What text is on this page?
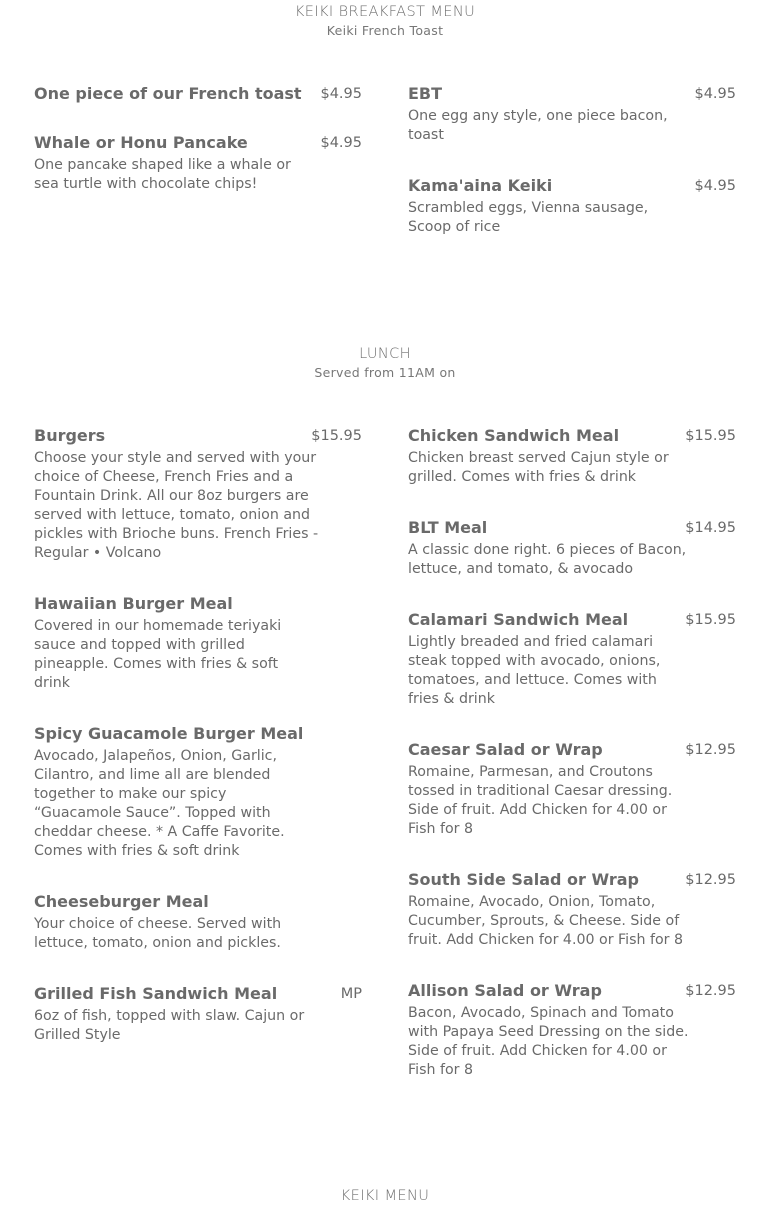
KEIKI BREAKFAST MENU
Keiki French Toast
One piece of our French toast	$4.95
Whale or Honu Pancake	$4.95
One pancake shaped like a whale or sea turtle with chocolate chips!
EBT	$4.95
One egg any style, one piece bacon, toast
Kama'aina Keiki	$4.95
Scrambled eggs, Vienna sausage, Scoop of rice
LUNCH
Served from 11AM on
Burgers	$15.95
Choose your style and served with your choice of Cheese, French Fries and a Fountain Drink. All our 8oz burgers are served with lettuce, tomato, onion and pickles with Brioche buns. French Fries - Regular • Volcano
Hawaiian Burger Meal
Covered in our homemade teriyaki sauce and topped with grilled pineapple. Comes with fries & soft drink
Spicy Guacamole Burger Meal
Avocado, Jalapeños, Onion, Garlic, Cilantro, and lime all are blended together to make our spicy “Guacamole Sauce”. Topped with cheddar cheese. * A Caffe Favorite. Comes with fries & soft drink
Cheeseburger Meal
Your choice of cheese. Served with lettuce, tomato, onion and pickles.
Grilled Fish Sandwich Meal	MP
6oz of fish, topped with slaw. Cajun or Grilled Style
Chicken Sandwich Meal	$15.95
Chicken breast served Cajun style or grilled. Comes with fries & drink
BLT Meal	$14.95
A classic done right. 6 pieces of Bacon, lettuce, and tomato, & avocado
Calamari Sandwich Meal	$15.95
Lightly breaded and fried calamari steak topped with avocado, onions, tomatoes, and lettuce. Comes with fries & drink
Caesar Salad or Wrap	$12.95
Romaine, Parmesan, and Croutons tossed in traditional Caesar dressing. Side of fruit. Add Chicken for 4.00 or Fish for 8
South Side Salad or Wrap	$12.95
Romaine, Avocado, Onion, Tomato, Cucumber, Sprouts, & Cheese. Side of fruit. Add Chicken for 4.00 or Fish for 8
Allison Salad or Wrap	$12.95
Bacon, Avocado, Spinach and Tomato with Papaya Seed Dressing on the side. Side of fruit. Add Chicken for 4.00 or Fish for 8
KEIKI MENU
